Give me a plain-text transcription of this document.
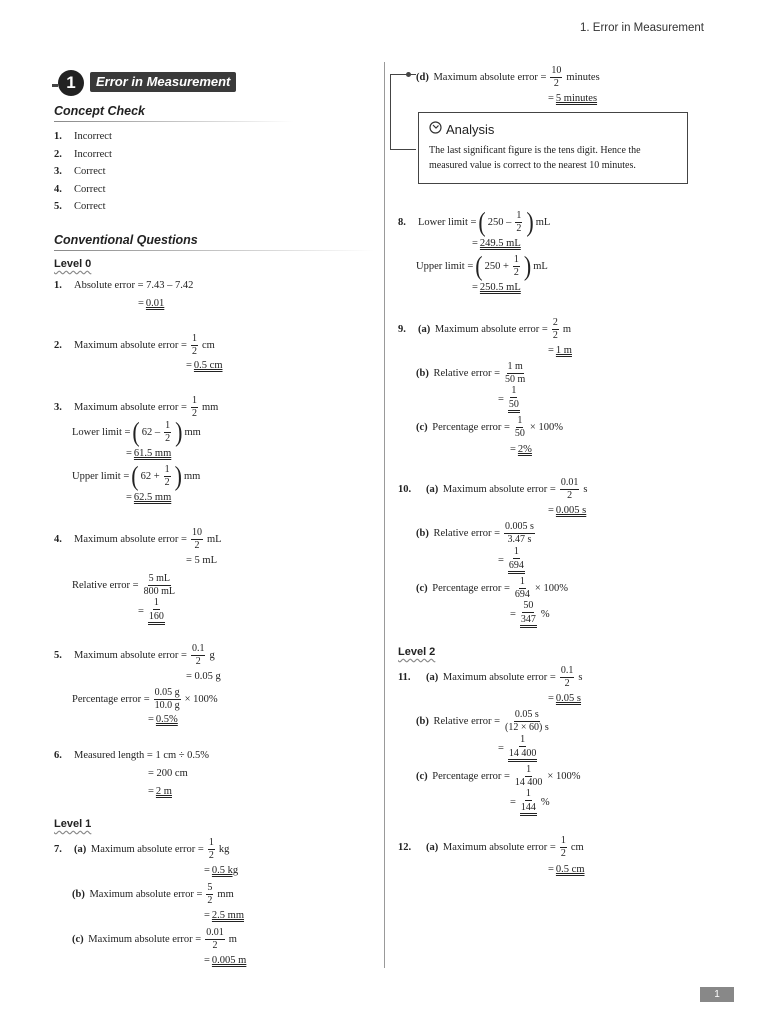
1. Error in Measurement
1	Error in Measurement
Concept Check
1.	Incorrect
2.	Incorrect
3.	Correct
4.	Correct
5.	Correct
Conventional Questions
Level 0
1.	Absolute error = 7.43 – 7.42
= 0.01
2.	Maximum absolute error = $\frac{1}{2}$ cm
= 0.5 cm
3.	Maximum absolute error = $\frac{1}{2}$ mm
Lower limit = ( $62 - \frac{1}{2}$ ) mm
= 61.5 mm
Upper limit = ( $62 + \frac{1}{2}$ ) mm
= 62.5 mm
4.	Maximum absolute error = $\frac{10}{2}$ mL
= 5 mL
Relative error = $\frac{5 mL}{800 mL}$
= $\frac{1}{160}$
5.	Maximum absolute error = $\frac{0.1}{2}$ g
= 0.05 g
Percentage error = $\frac{0.05 g}{10.0 g} \times 100\%$
= 0.5%
6.	Measured length = 1 cm ÷ 0.5%
= 200 cm
= 2 m
Level 1
7.	(a) Maximum absolute error = $\frac{1}{2}$ kg
= 0.5 kg
(b) Maximum absolute error = $\frac{5}{2}$ mm
= 2.5 mm
(c) Maximum absolute error = $\frac{0.01}{2}$ m
= 0.005 m
(d) Maximum absolute error = $\frac{10}{2}$ minutes
= 5 minutes
Analysis
The last significant figure is the tens digit. Hence the measured value is correct to the nearest 10 minutes.
8.	Lower limit = ( $250 - \frac{1}{2}$ ) mL
= 249.5 mL
Upper limit = ( $250 + \frac{1}{2}$ ) mL
= 250.5 mL
9.	(a) Maximum absolute error = $\frac{2}{2}$ m
= 1 m
(b) Relative error = $\frac{1 m}{50 m}$
= $\frac{1}{50}$
(c) Percentage error = $\frac{1}{50} \times 100\%$
= 2%
10.	(a) Maximum absolute error = $\frac{0.01}{2}$ s
= 0.005 s
(b) Relative error = $\frac{0.005 s}{3.47 s}$
= $\frac{1}{694}$
(c) Percentage error = $\frac{1}{694} \times 100\%$
= $\frac{50}{347}$ %
Level 2
11.	(a) Maximum absolute error = $\frac{0.1}{2}$ s
= 0.05 s
(b) Relative error = $\frac{0.05 s}{(12 \times 60) s}$
= $\frac{1}{14 400}$
(c) Percentage error = $\frac{1}{14 400} \times 100\%$
= $\frac{1}{144}$ %
12.	(a) Maximum absolute error = $\frac{1}{2}$ cm
= 0.5 cm
1
